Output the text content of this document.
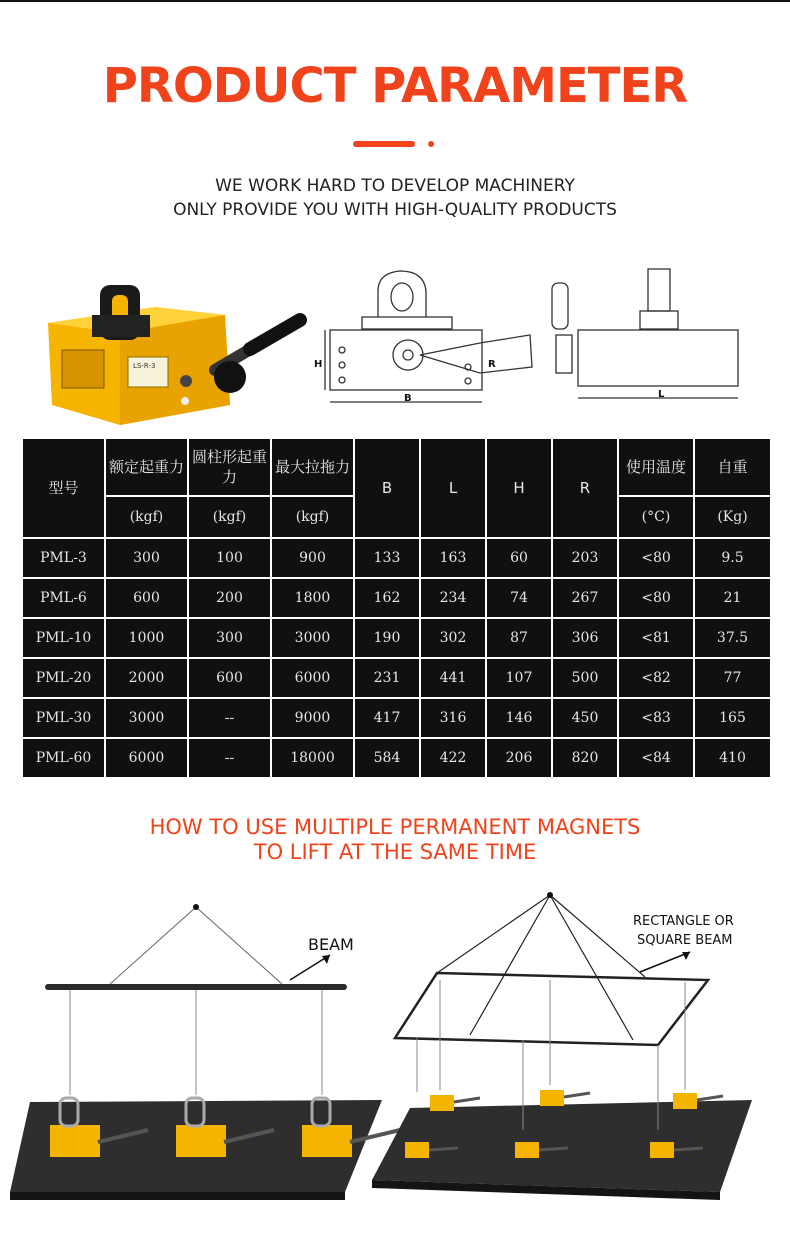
PRODUCT PARAMETER
WE WORK HARD TO DEVELOP MACHINERY
ONLY PROVIDE YOU WITH HIGH-QUALITY PRODUCTS
LS-R-3	H
B
R
L
型号	额定起重力	圆柱形起重力	最大拉拖力	B	L	H	R	使用温度	自重
	(kgf)	(kgf)	(kgf)					(°C)	(Kg)
PML-3	300	100	900	133	163	60	203	<80	9.5
PML-6	600	200	1800	162	234	74	267	<80	21
PML-10	1000	300	3000	190	302	87	306	<81	37.5
PML-20	2000	600	6000	231	441	107	500	<82	77
PML-30	3000	--	9000	417	316	146	450	<83	165
PML-60	6000	--	18000	584	422	206	820	<84	410
HOW TO USE MULTIPLE PERMANENT MAGNETS
TO LIFT AT THE SAME TIME
BEAM
RECTANGLE OR
SQUARE BEAM
